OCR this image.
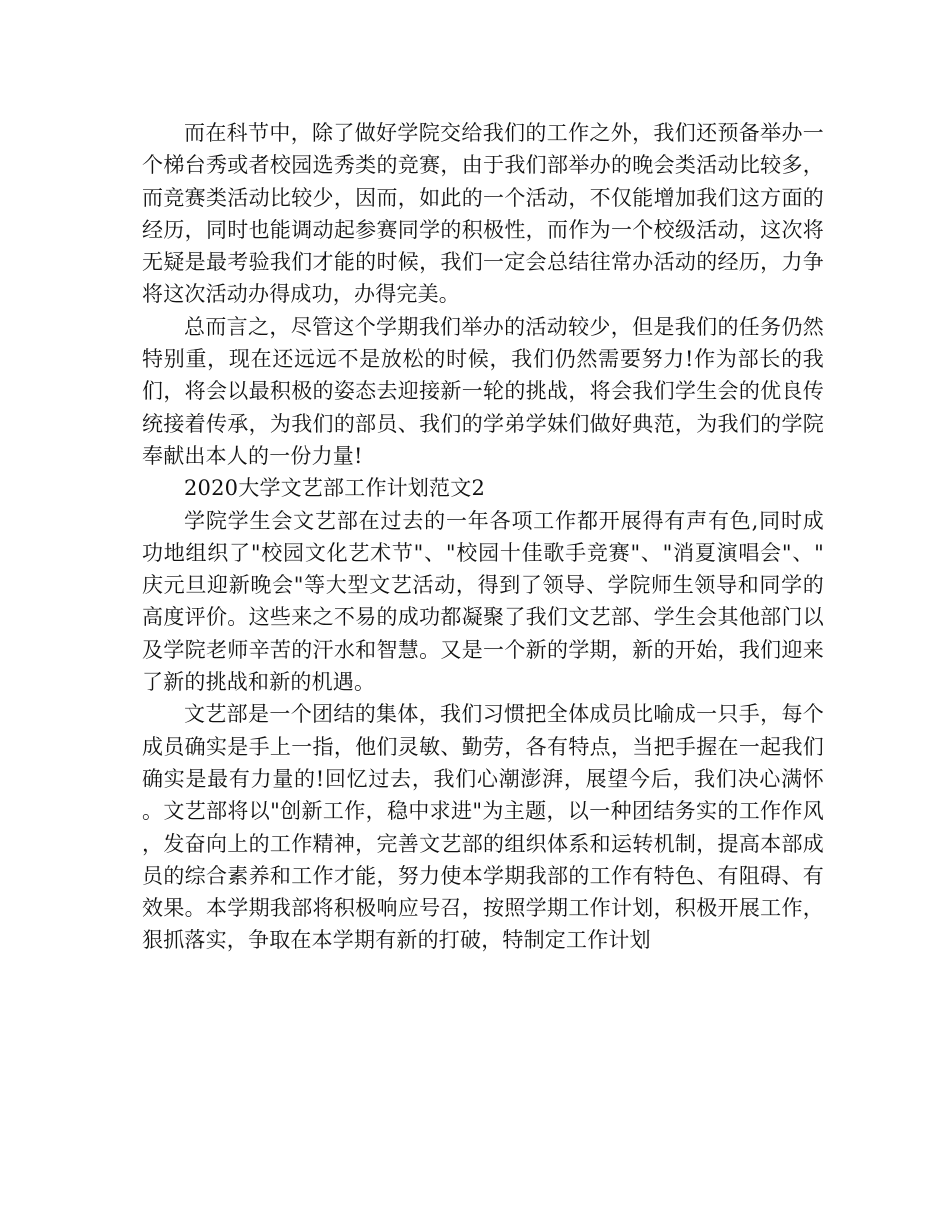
而在科节中，除了做好学院交给我们的工作之外，我们还预备举办一个梯台秀或者校园选秀类的竞赛，由于我们部举办的晚会类活动比较多，而竞赛类活动比较少，因而，如此的一个活动，不仅能增加我们这方面的经历，同时也能调动起参赛同学的积极性，而作为一个校级活动，这次将无疑是最考验我们才能的时候，我们一定会总结往常办活动的经历，力争将这次活动办得成功，办得完美。

总而言之，尽管这个学期我们举办的活动较少，但是我们的任务仍然特别重，现在还远远不是放松的时候，我们仍然需要努力!作为部长的我们，将会以最积极的姿态去迎接新一轮的挑战，将会我们学生会的优良传统接着传承，为我们的部员、我们的学弟学妹们做好典范，为我们的学院奉献出本人的一份力量!

2020大学文艺部工作计划范文2

学院学生会文艺部在过去的一年各项工作都开展得有声有色,同时成功地组织了"校园文化艺术节"、"校园十佳歌手竞赛"、"消夏演唱会"、"庆元旦迎新晚会"等大型文艺活动，得到了领导、学院师生领导和同学的高度评价。这些来之不易的成功都凝聚了我们文艺部、学生会其他部门以及学院老师辛苦的汗水和智慧。又是一个新的学期，新的开始，我们迎来了新的挑战和新的机遇。

文艺部是一个团结的集体，我们习惯把全体成员比喻成一只手，每个成员确实是手上一指，他们灵敏、勤劳，各有特点，当把手握在一起我们确实是最有力量的!回忆过去，我们心潮澎湃，展望今后，我们决心满怀。文艺部将以"创新工作，稳中求进"为主题，以一种团结务实的工作作风，发奋向上的工作精神，完善文艺部的组织体系和运转机制，提高本部成员的综合素养和工作才能，努力使本学期我部的工作有特色、有阻碍、有效果。本学期我部将积极响应号召，按照学期工作计划，积极开展工作，狠抓落实，争取在本学期有新的打破，特制定工作计划
